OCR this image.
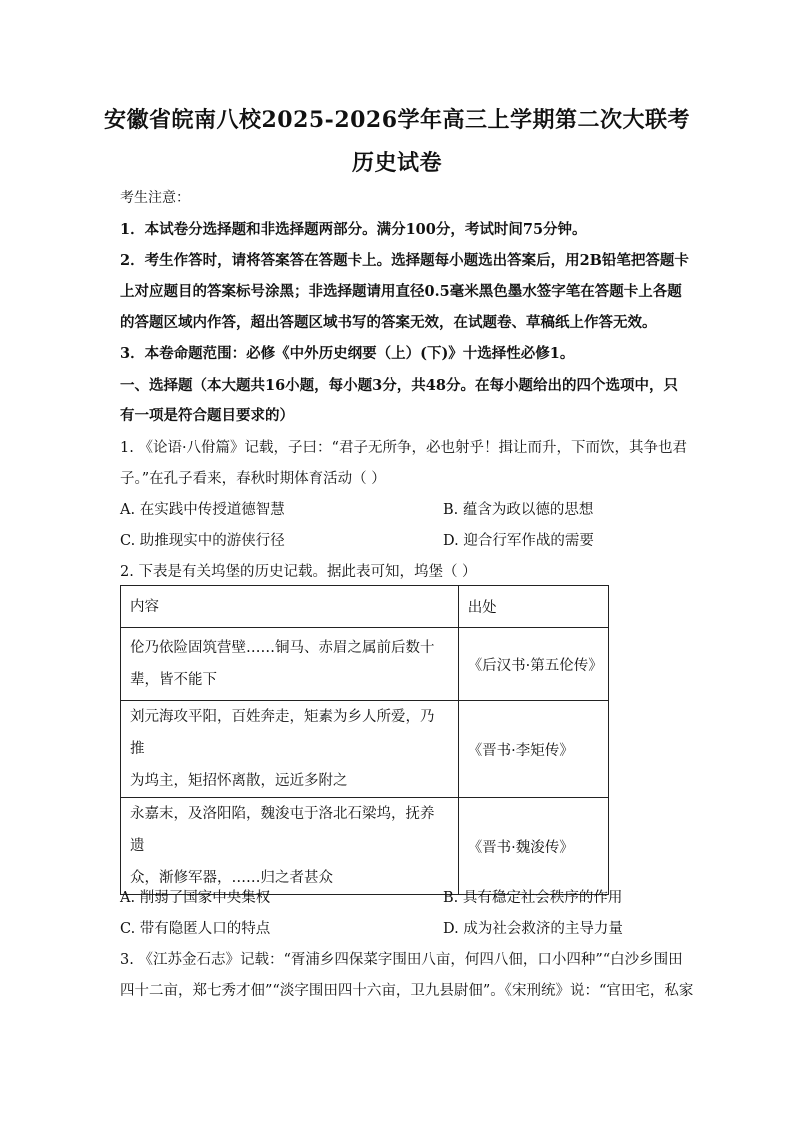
安徽省皖南八校2025-2026学年高三上学期第二次大联考
历史试卷
考生注意：
1．本试卷分选择题和非选择题两部分。满分100分，考试时间75分钟。
2．考生作答时，请将答案答在答题卡上。选择题每小题选出答案后，用2B铅笔把答题卡
上对应题目的答案标号涂黑；非选择题请用直径0.5毫米黑色墨水签字笔在答题卡上各题
的答题区域内作答，超出答题区域书写的答案无效，在试题卷、草稿纸上作答无效。
3．本卷命题范围：必修《中外历史纲要（上）(下)》十选择性必修1。
一、选择题（本大题共16小题，每小题3分，共48分。在每小题给出的四个选项中，只
有一项是符合题目要求的）
1. 《论语·八佾篇》记载，子曰：“君子无所争，必也射乎！揖让而升，下而饮，其争也君
子。”在孔子看来，春秋时期体育活动（ ）
A. 在实践中传授道德智慧	B. 蕴含为政以德的思想
C. 助推现实中的游侠行径	D. 迎合行军作战的需要
2. 下表是有关坞堡的历史记载。据此表可知，坞堡（ ）
内容	出处

伦乃依险固筑营壁……铜马、赤眉之属前后数十
辈，皆不能下	《后汉书·第五伦传》

刘元海攻平阳，百姓奔走，矩素为乡人所爱，乃推
为坞主，矩招怀离散，远近多附之	《晋书·李矩传》

永嘉末，及洛阳陷，魏浚屯于洛北石梁坞，抚养遗
众，渐修军器，……归之者甚众	《晋书·魏浚传》
A. 削弱了国家中央集权	B. 具有稳定社会秩序的作用
C. 带有隐匿人口的特点	D. 成为社会救济的主导力量
3. 《江苏金石志》记载：“胥浦乡四保菜字围田八亩，何四八佃，口小四种”“白沙乡围田
四十二亩，郑七秀才佃”“淡字围田四十六亩，卫九县尉佃”。《宋刑统》说：“官田宅，私家
